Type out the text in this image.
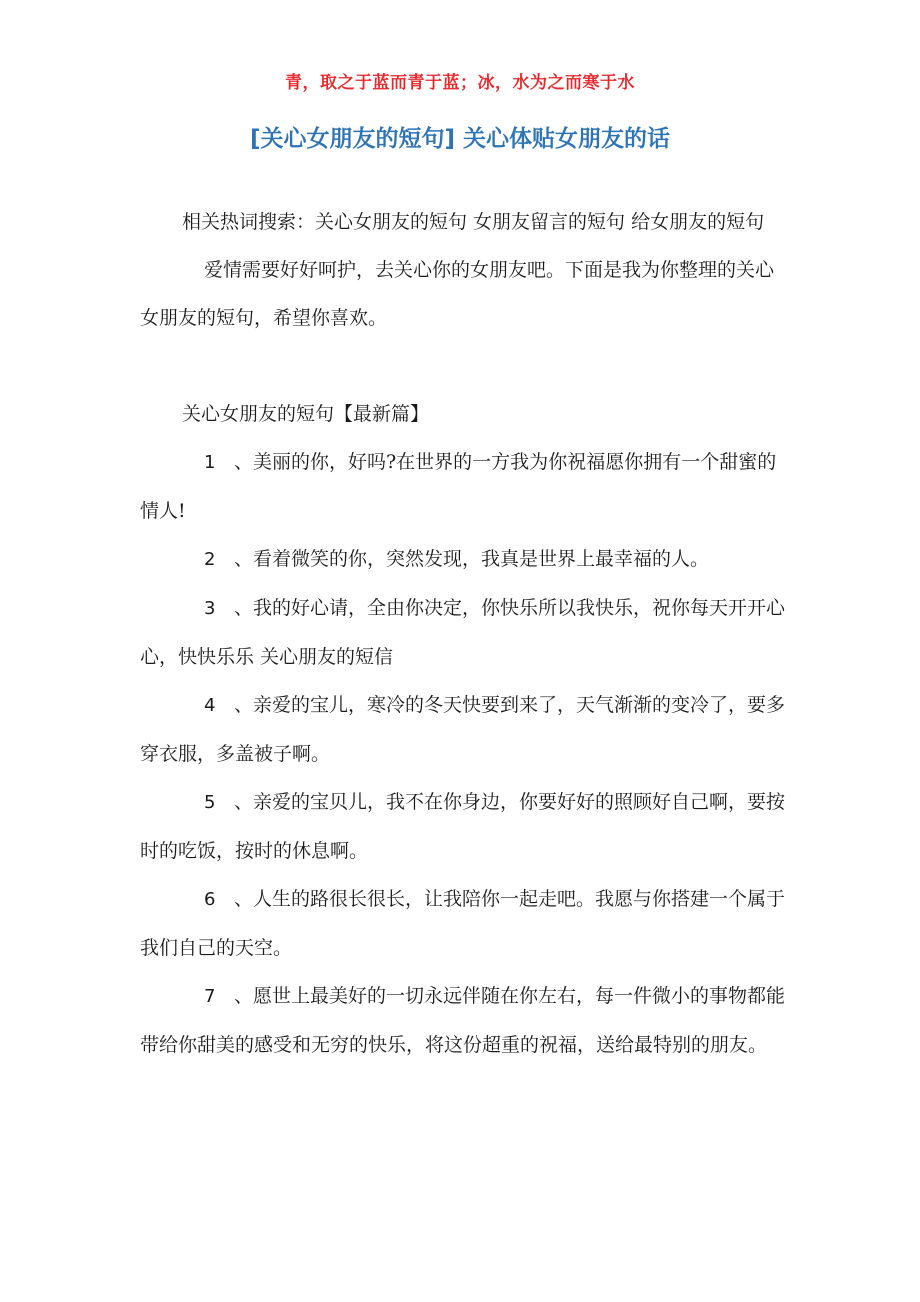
青，取之于蓝而青于蓝；冰，水为之而寒于水
[关心女朋友的短句] 关心体贴女朋友的话

相关热词搜索：关心女朋友的短句 女朋友留言的短句 给女朋友的短句

爱情需要好好呵护，去关心你的女朋友吧。下面是我为你整理的关心女朋友的短句，希望你喜欢。

关心女朋友的短句【最新篇】

1 、美丽的你，好吗?在世界的一方我为你祝福愿你拥有一个甜蜜的情人!

2 、看着微笑的你，突然发现，我真是世界上最幸福的人。

3 、我的好心请，全由你决定，你快乐所以我快乐，祝你每天开开心心，快快乐乐 关心朋友的短信

4 、亲爱的宝儿，寒冷的冬天快要到来了，天气渐渐的变冷了，要多穿衣服，多盖被子啊。

5 、亲爱的宝贝儿，我不在你身边，你要好好的照顾好自己啊，要按时的吃饭，按时的休息啊。

6 、人生的路很长很长，让我陪你一起走吧。我愿与你搭建一个属于我们自己的天空。

7 、愿世上最美好的一切永远伴随在你左右，每一件微小的事物都能带给你甜美的感受和无穷的快乐，将这份超重的祝福，送给最特别的朋友。
